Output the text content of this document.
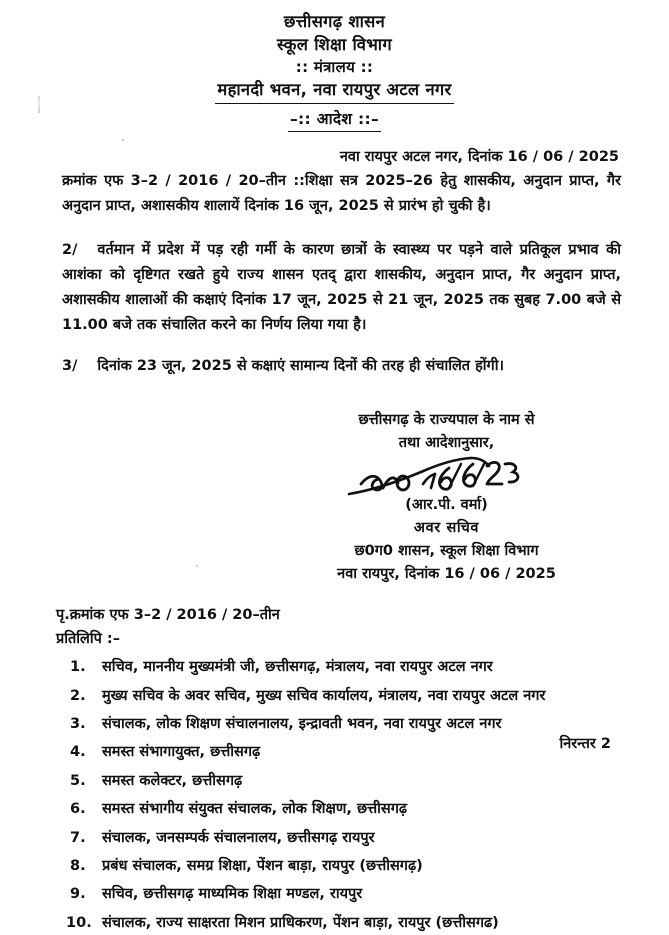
छत्तीसगढ़ शासन
स्कूल शिक्षा विभाग
:: मंत्रालय ::
महानदी भवन, नवा रायपुर अटल नगर
–:: आदेश ::–
नवा रायपुर अटल नगर, दिनांक 16 / 06 / 2025

क्रमांक एफ 3–2 / 2016 / 20–तीन ::शिक्षा सत्र 2025–26 हेतु शासकीय, अनुदान प्राप्त, गैर अनुदान प्राप्त, अशासकीय शालायें दिनांक 16 जून, 2025 से प्रारंभ हो चुकी है।

2/ वर्तमान में प्रदेश में पड़ रही गर्मी के कारण छात्रों के स्वास्थ्य पर पड़ने वाले प्रतिकूल प्रभाव की आशंका को दृष्टिगत रखते हुये राज्य शासन एतद् द्वारा शासकीय, अनुदान प्राप्त, गैर अनुदान प्राप्त, अशासकीय शालाओं की कक्षाएं दिनांक 17 जून, 2025 से 21 जून, 2025 तक सुबह 7.00 बजे से 11.00 बजे तक संचालित करने का निर्णय लिया गया है।

3/ दिनांक 23 जून, 2025 से कक्षाएं सामान्य दिनों की तरह ही संचालित होंगी।

छत्तीसगढ़ के राज्यपाल के नाम से
तथा आदेशानुसार,
(आर.पी. वर्मा)
अवर सचिव
छ0ग0 शासन, स्कूल शिक्षा विभाग
नवा रायपुर, दिनांक 16 / 06 / 2025
पृ.क्रमांक एफ 3–2 / 2016 / 20–तीन
प्रतिलिपि :–
सचिव, माननीय मुख्यमंत्री जी, छत्तीसगढ़, मंत्रालय, नवा रायपुर अटल नगर
मुख्य सचिव के अवर सचिव, मुख्य सचिव कार्यालय, मंत्रालय, नवा रायपुर अटल नगर
संचालक, लोक शिक्षण संचालनालय, इन्द्रावती भवन, नवा रायपुर अटल नगर
समस्त संभागायुक्त, छत्तीसगढ़
समस्त कलेक्टर, छत्तीसगढ़
समस्त संभागीय संयुक्त संचालक, लोक शिक्षण, छत्तीसगढ़
संचालक, जनसम्पर्क संचालनालय, छत्तीसगढ़ रायपुर
प्रबंध संचालक, समग्र शिक्षा, पेंशन बाड़ा, रायपुर (छत्तीसगढ़)
सचिव, छत्तीसगढ़ माध्यमिक शिक्षा मण्डल, रायपुर
संचालक, राज्य साक्षरता मिशन प्राधिकरण, पेंशन बाड़ा, रायपुर (छत्तीसगढ)
निरन्तर 2
